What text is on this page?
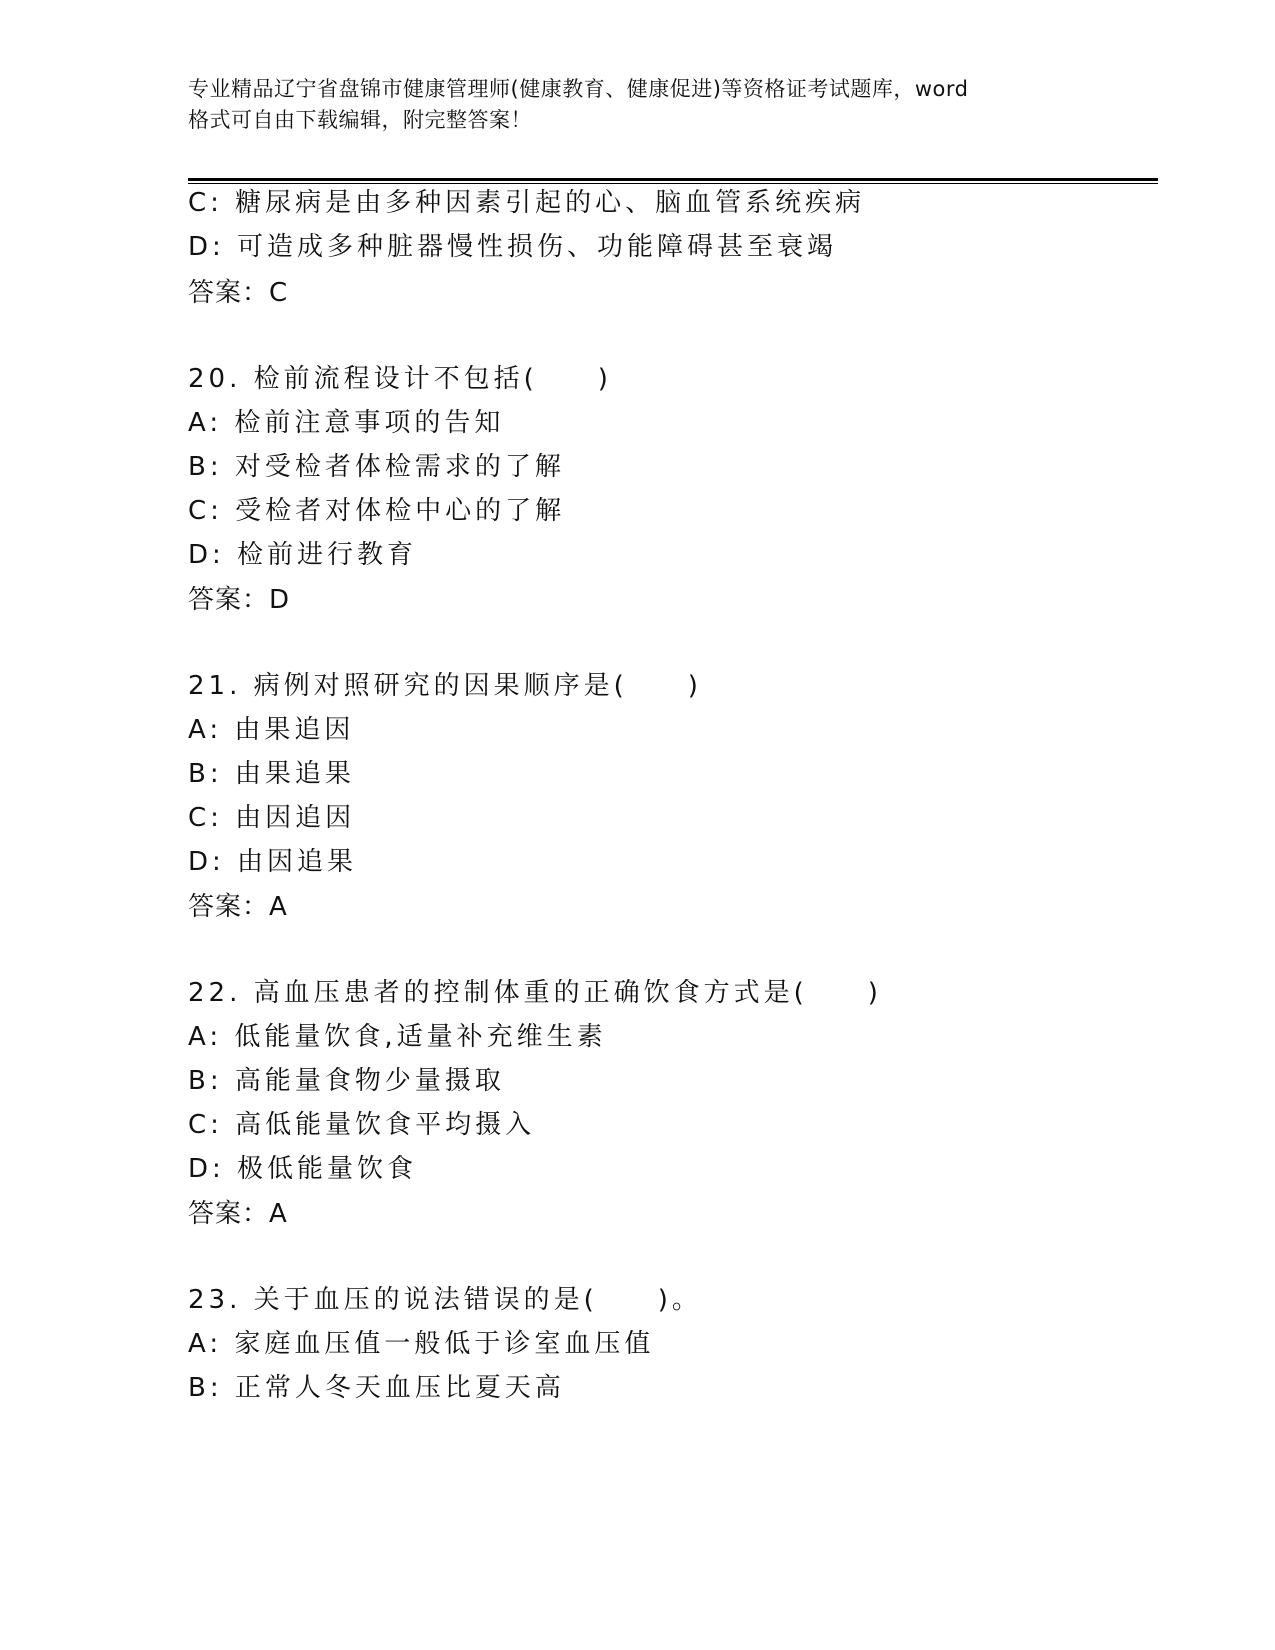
专业精品辽宁省盘锦市健康管理师(健康教育、健康促进)等资格证考试题库，word
格式可自由下载编辑，附完整答案！
C: 糖尿病是由多种因素引起的心、脑血管系统疾病
D: 可造成多种脏器慢性损伤、功能障碍甚至衰竭
答案：C
20. 检前流程设计不包括(　　)
A: 检前注意事项的告知
B: 对受检者体检需求的了解
C: 受检者对体检中心的了解
D: 检前进行教育
答案：D
21. 病例对照研究的因果顺序是(　　)
A: 由果追因
B: 由果追果
C: 由因追因
D: 由因追果
答案：A
22. 高血压患者的控制体重的正确饮食方式是(　　)
A: 低能量饮食,适量补充维生素
B: 高能量食物少量摄取
C: 高低能量饮食平均摄入
D: 极低能量饮食
答案：A
23. 关于血压的说法错误的是(　　)。
A: 家庭血压值一般低于诊室血压值
B: 正常人冬天血压比夏天高
